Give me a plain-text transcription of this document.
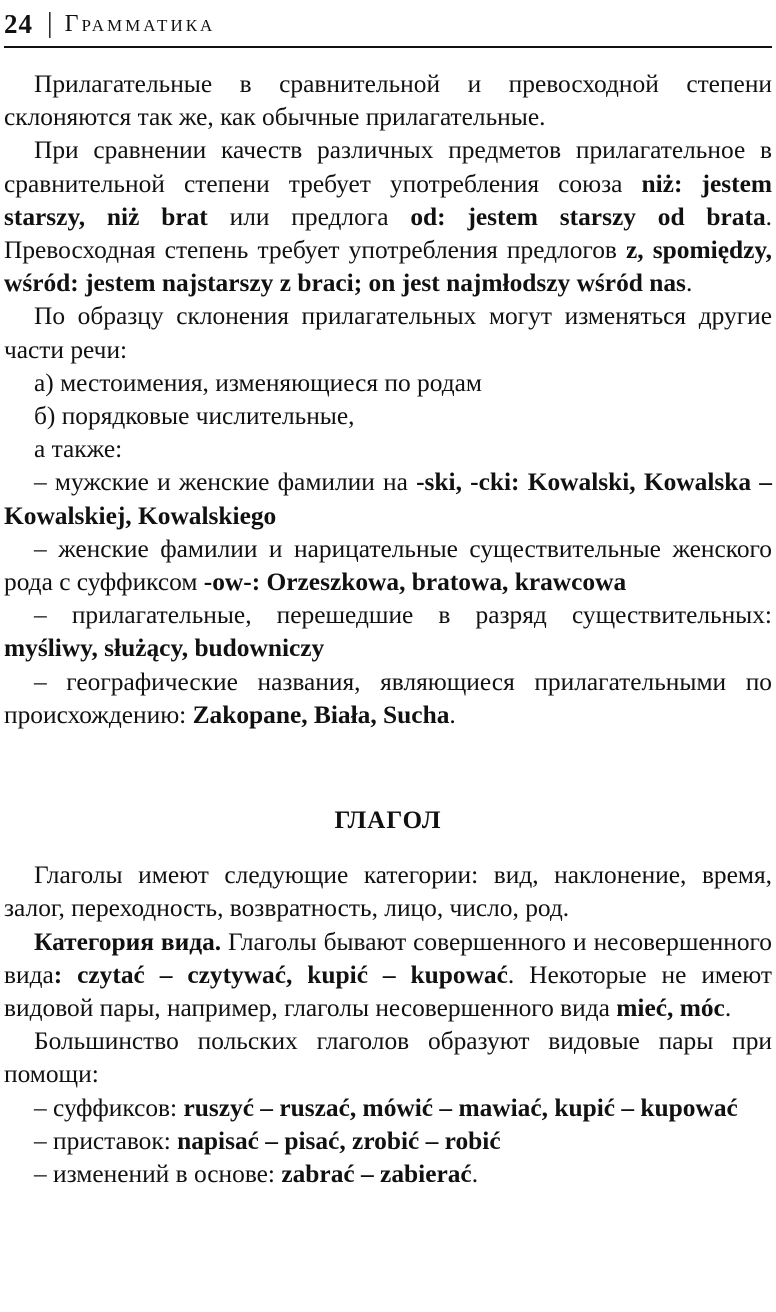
24 | Грамматика

Прилагательные в сравнительной и превосходной степени склоняются так же, как обычные прилагательные.

При сравнении качеств различных предметов прилагательное в сравнительной степени требует употребления союза niż: jestem starszy, niż brat или предлога od: jestem starszy od brata. Превосходная степень требует употребления предлогов z, spomiędzy, wśród: jestem najstarszy z braci; on jest najmłodszy wśród nas.

По образцу склонения прилагательных могут изменяться другие части речи:

а) местоимения, изменяющиеся по родам

б) порядковые числительные,

а также:

– мужские и женские фамилии на -ski, -cki: Kowalski, Kowalska – Kowalskiej, Kowalskiego

– женские фамилии и нарицательные существительные женского рода с суффиксом -ow-: Orzeszkowa, bratowa, krawcowa

– прилагательные, перешедшие в разряд существительных: myśliwy, służący, budowniczy

– географические названия, являющиеся прилагательными по происхождению: Zakopane, Biała, Sucha.

ГЛАГОЛ

Глаголы имеют следующие категории: вид, наклонение, время, залог, переходность, возвратность, лицо, число, род.

Категория вида. Глаголы бывают совершенного и несовершенного вида: czytać – czytywać, kupić – kupować. Некоторые не имеют видовой пары, например, глаголы несовершенного вида mieć, móc.

Большинство польских глаголов образуют видовые пары при помощи:

– суффиксов: ruszyć – ruszać, mówić – mawiać, kupić – kupować

– приставок: napisać – pisać, zrobić – robić

– изменений в основе: zabrać – zabierać.
